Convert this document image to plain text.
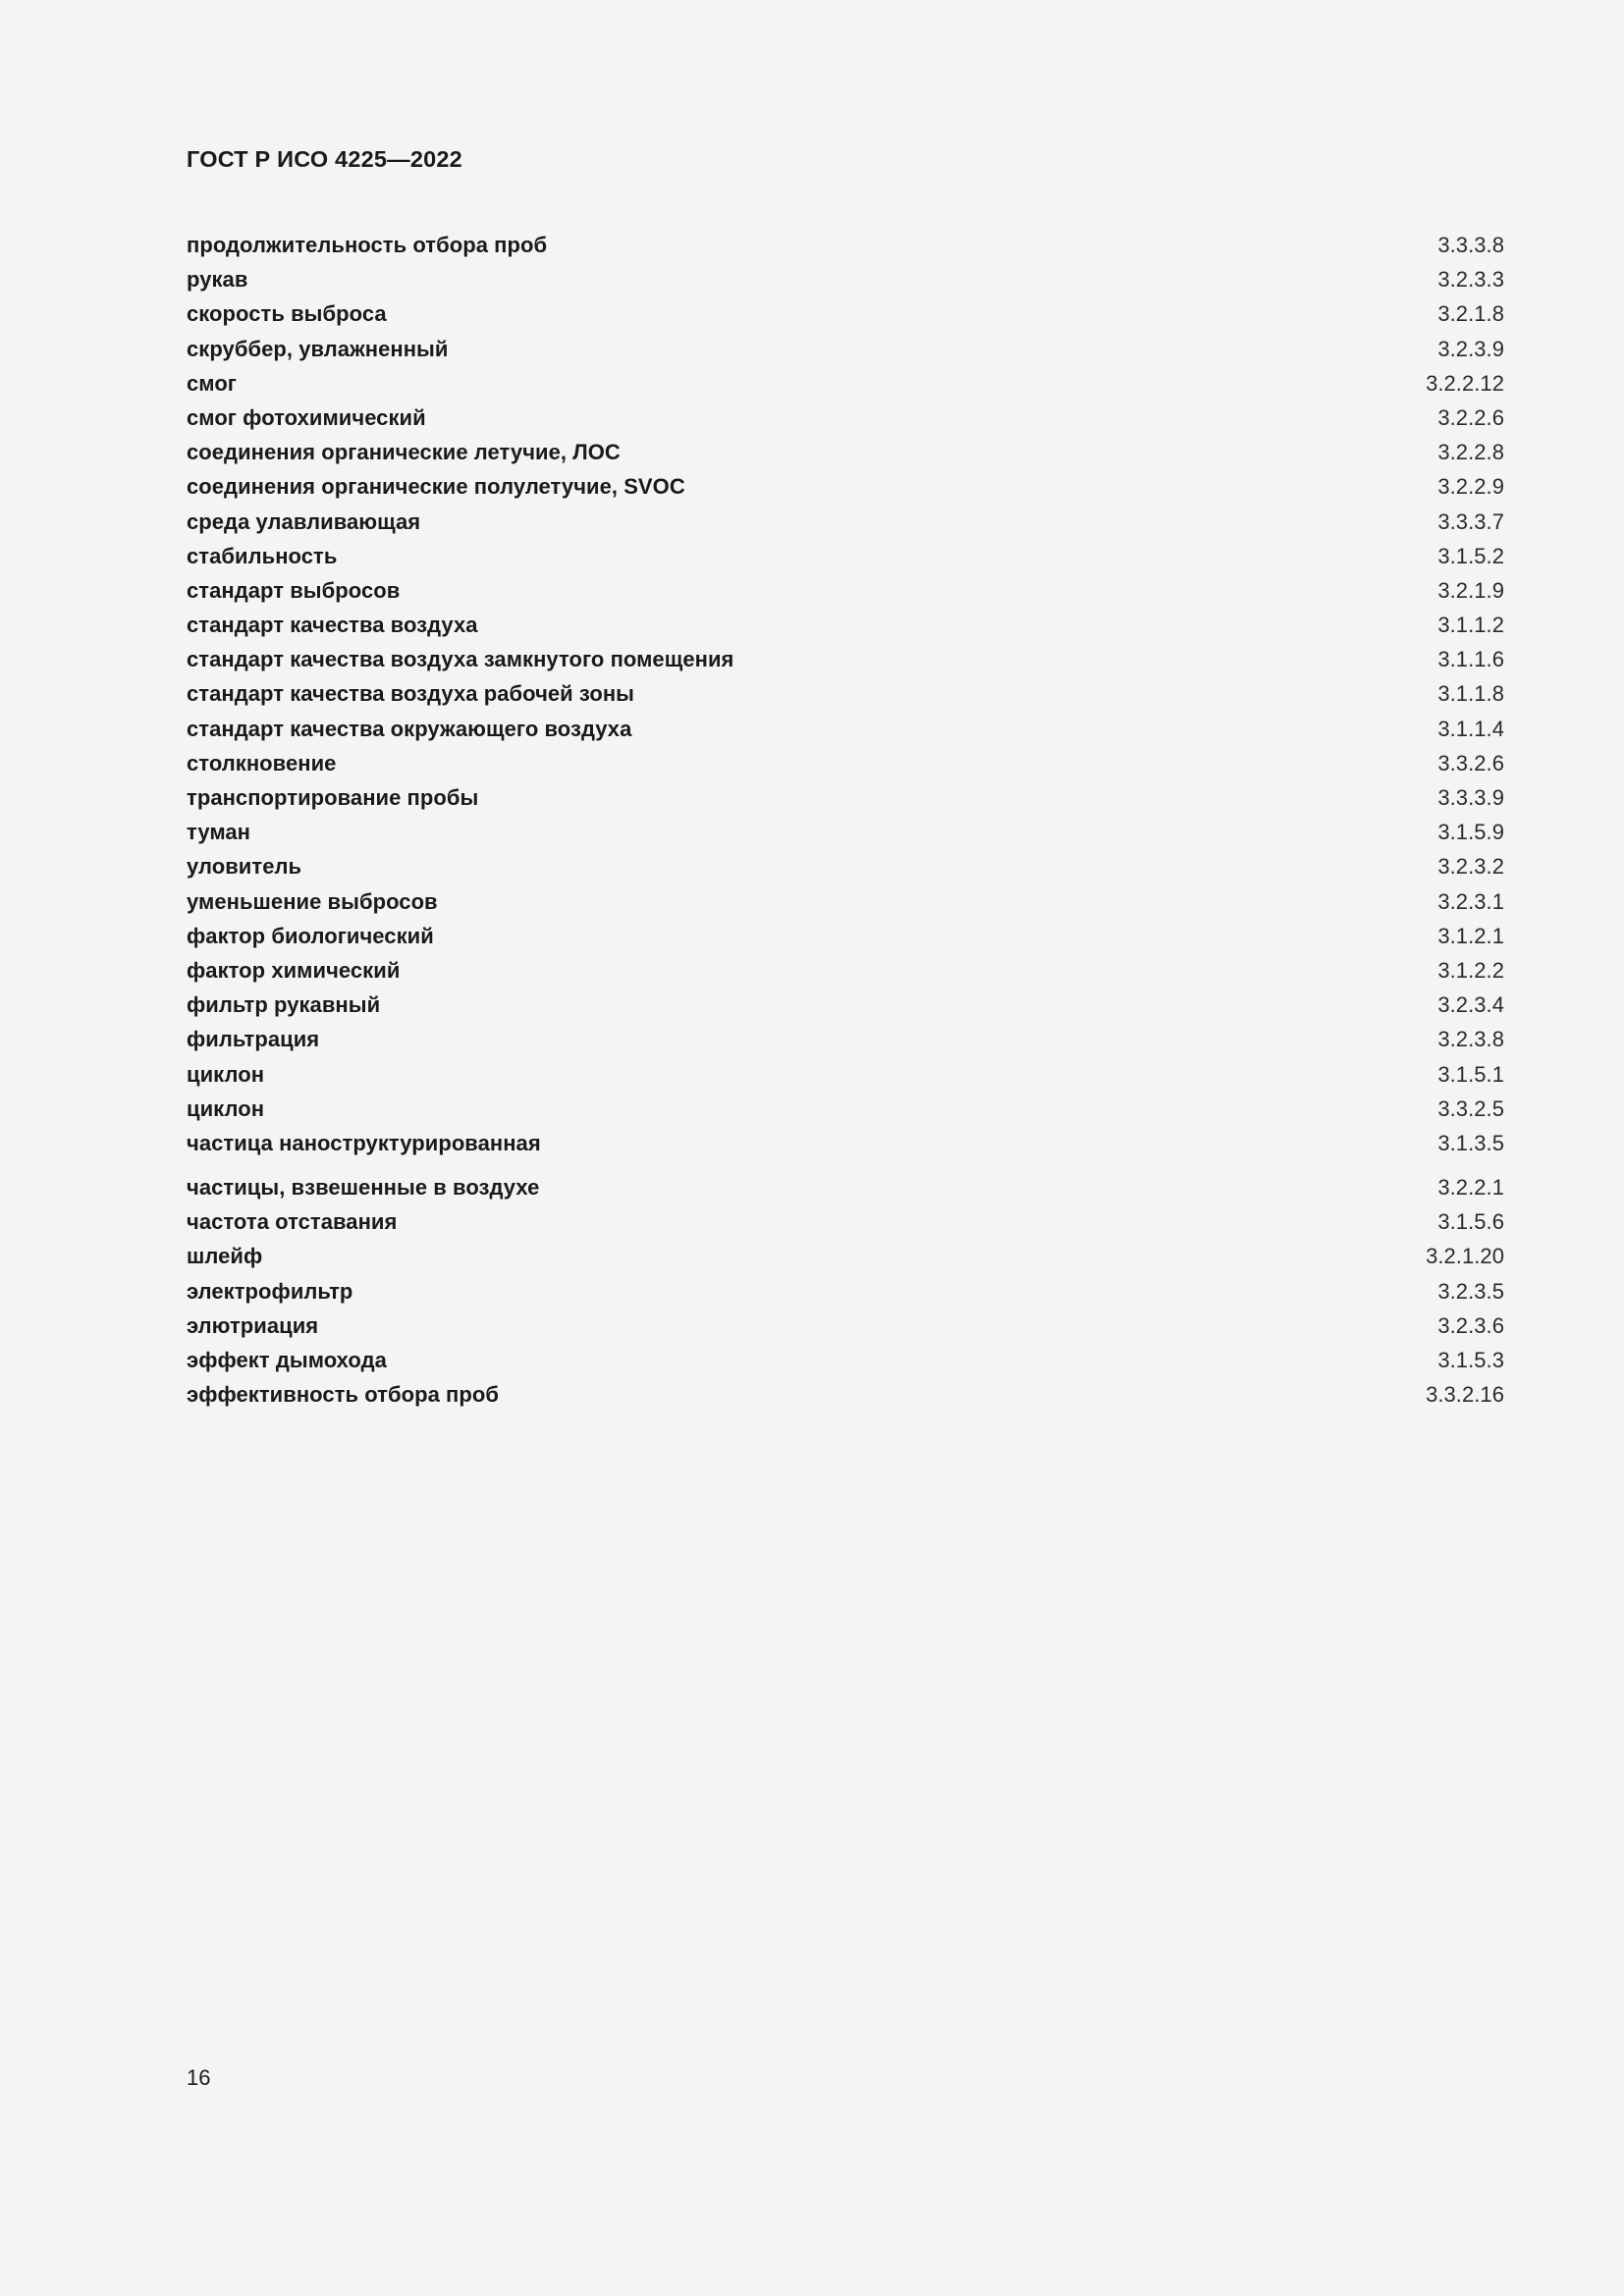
ГОСТ Р ИСО 4225—2022
продолжительность отбора проб	3.3.3.8
рукав	3.2.3.3
скорость выброса	3.2.1.8
скруббер, увлажненный	3.2.3.9
смог	3.2.2.12
смог фотохимический	3.2.2.6
соединения органические летучие, ЛОС	3.2.2.8
соединения органические полулетучие, SVOC	3.2.2.9
среда улавливающая	3.3.3.7
стабильность	3.1.5.2
стандарт выбросов	3.2.1.9
стандарт качества воздуха	3.1.1.2
стандарт качества воздуха замкнутого помещения	3.1.1.6
стандарт качества воздуха рабочей зоны	3.1.1.8
стандарт качества окружающего воздуха	3.1.1.4
столкновение	3.3.2.6
транспортирование пробы	3.3.3.9
туман	3.1.5.9
уловитель	3.2.3.2
уменьшение выбросов	3.2.3.1
фактор биологический	3.1.2.1
фактор химический	3.1.2.2
фильтр рукавный	3.2.3.4
фильтрация	3.2.3.8
циклон	3.1.5.1
циклон	3.3.2.5
частица наноструктурированная	3.1.3.5
частицы, взвешенные в воздухе	3.2.2.1
частота отставания	3.1.5.6
шлейф	3.2.1.20
электрофильтр	3.2.3.5
элютриация	3.2.3.6
эффект дымохода	3.1.5.3
эффективность отбора проб	3.3.2.16
16
